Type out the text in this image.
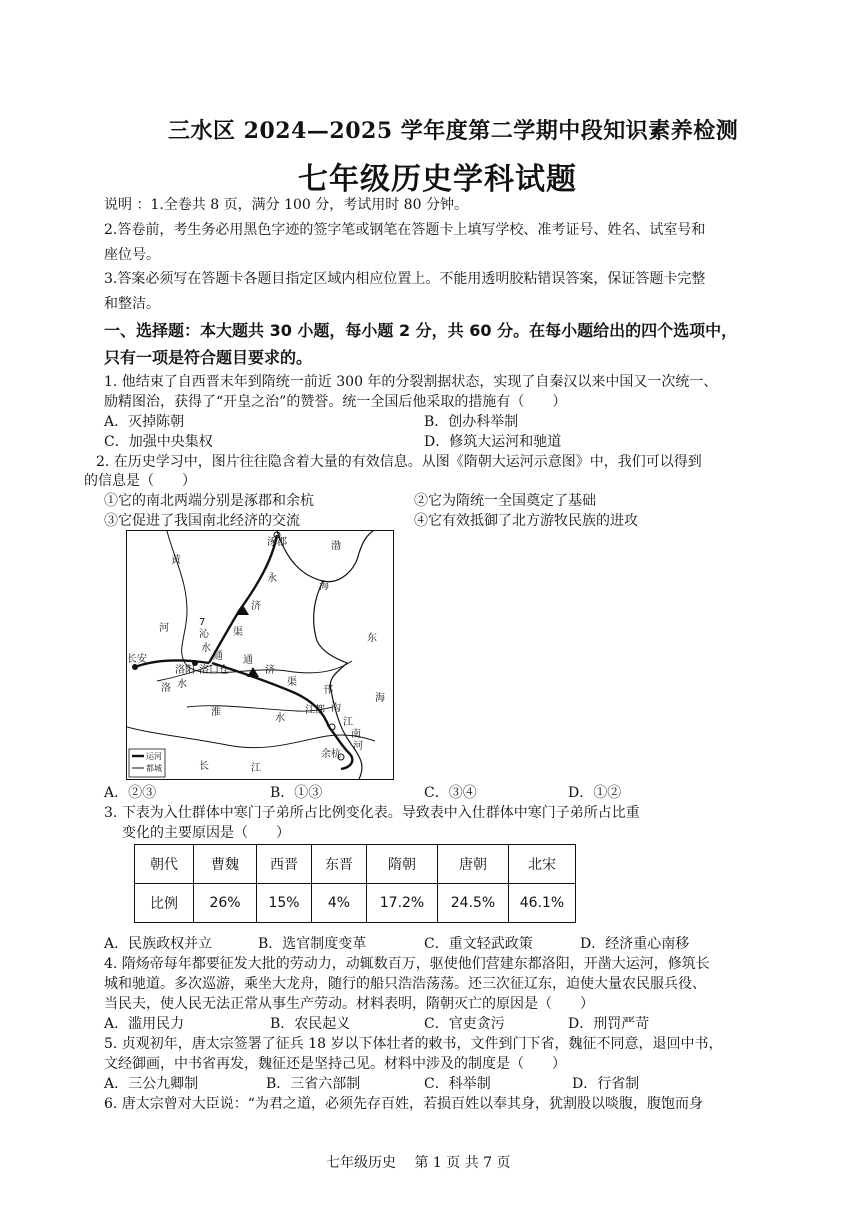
三水区 2024—2025 学年度第二学期中段知识素养检测
七年级历史学科试题
说明 ：1.全卷共 8 页，满分 100 分，考试用时 80 分钟。
2.答卷前，考生务必用黑色字迹的签字笔或钢笔在答题卡上填写学校、准考证号、姓名、试室号和
座位号。
3.答案必须写在答题卡各题目指定区域内相应位置上。不能用透明胶粘错误答案，保证答题卡完整
和整洁。
一、选择题：本大题共 30 小题，每小题 2 分，共 60 分。在每小题给出的四个选项中，
只有一项是符合题目要求的。
1. 他结束了自西晋末年到隋统一前近 300 年的分裂割据状态，实现了自秦汉以来中国又一次统一、
励精图治，获得了“开皇之治”的赞誉。统一全国后他采取的措施有（　　）
A．灭掉陈朝	B．创办科举制
C．加强中央集权	D．修筑大运河和驰道
2. 在历史学习中，图片往往隐含着大量的有效信息。从图《隋朝大运河示意图》中，我们可以得到
的信息是（　　）
①它的南北两端分别是涿郡和余杭	②它为隋统一全国奠定了基础
③它促进了我国南北经济的交流	④它有效抵御了北方游牧民族的进攻
涿郡	渤
海
黄
河
永
济
渠
7
沁
水
通
长安
洛阳 洛口仓
洛 水
通
济
渠
淮
水
邗
沟
江都
江
南
河
余杭
东
海
长	江
运河
都城
A．②③	B．①③	C．③④	D．①②
3. 下表为入仕群体中寒门子弟所占比例变化表。导致表中入仕群体中寒门子弟所占比重
变化的主要原因是（　　）
朝代	曹魏	西晋	东晋	隋朝	唐朝	北宋
比例	26%	15%	4%	17.2%	24.5%	46.1%
A．民族政权并立	B．选官制度变革	C．重文轻武政策	D．经济重心南移
4. 隋炀帝每年都要征发大批的劳动力，动辄数百万，驱使他们营建东都洛阳，开凿大运河，修筑长
城和驰道。多次巡游，乘坐大龙舟，随行的船只浩浩荡荡。还三次征辽东，迫使大量农民服兵役、
当民夫，使人民无法正常从事生产劳动。材料表明，隋朝灭亡的原因是（　　）
A．滥用民力	B．农民起义	C．官吏贪污	D．刑罚严苛
5. 贞观初年，唐太宗签署了征兵 18 岁以下体壮者的敕书，文件到门下省，魏征不同意，退回中书，
文经御画，中书省再发，魏征还是坚持己见。材料中涉及的制度是（　　）
A．三公九卿制	B．三省六部制	C．科举制	D．行省制
6. 唐太宗曾对大臣说：“为君之道，必须先存百姓，若损百姓以奉其身，犹割股以啖腹，腹饱而身
七年级历史　 第 1 页 共 7 页
